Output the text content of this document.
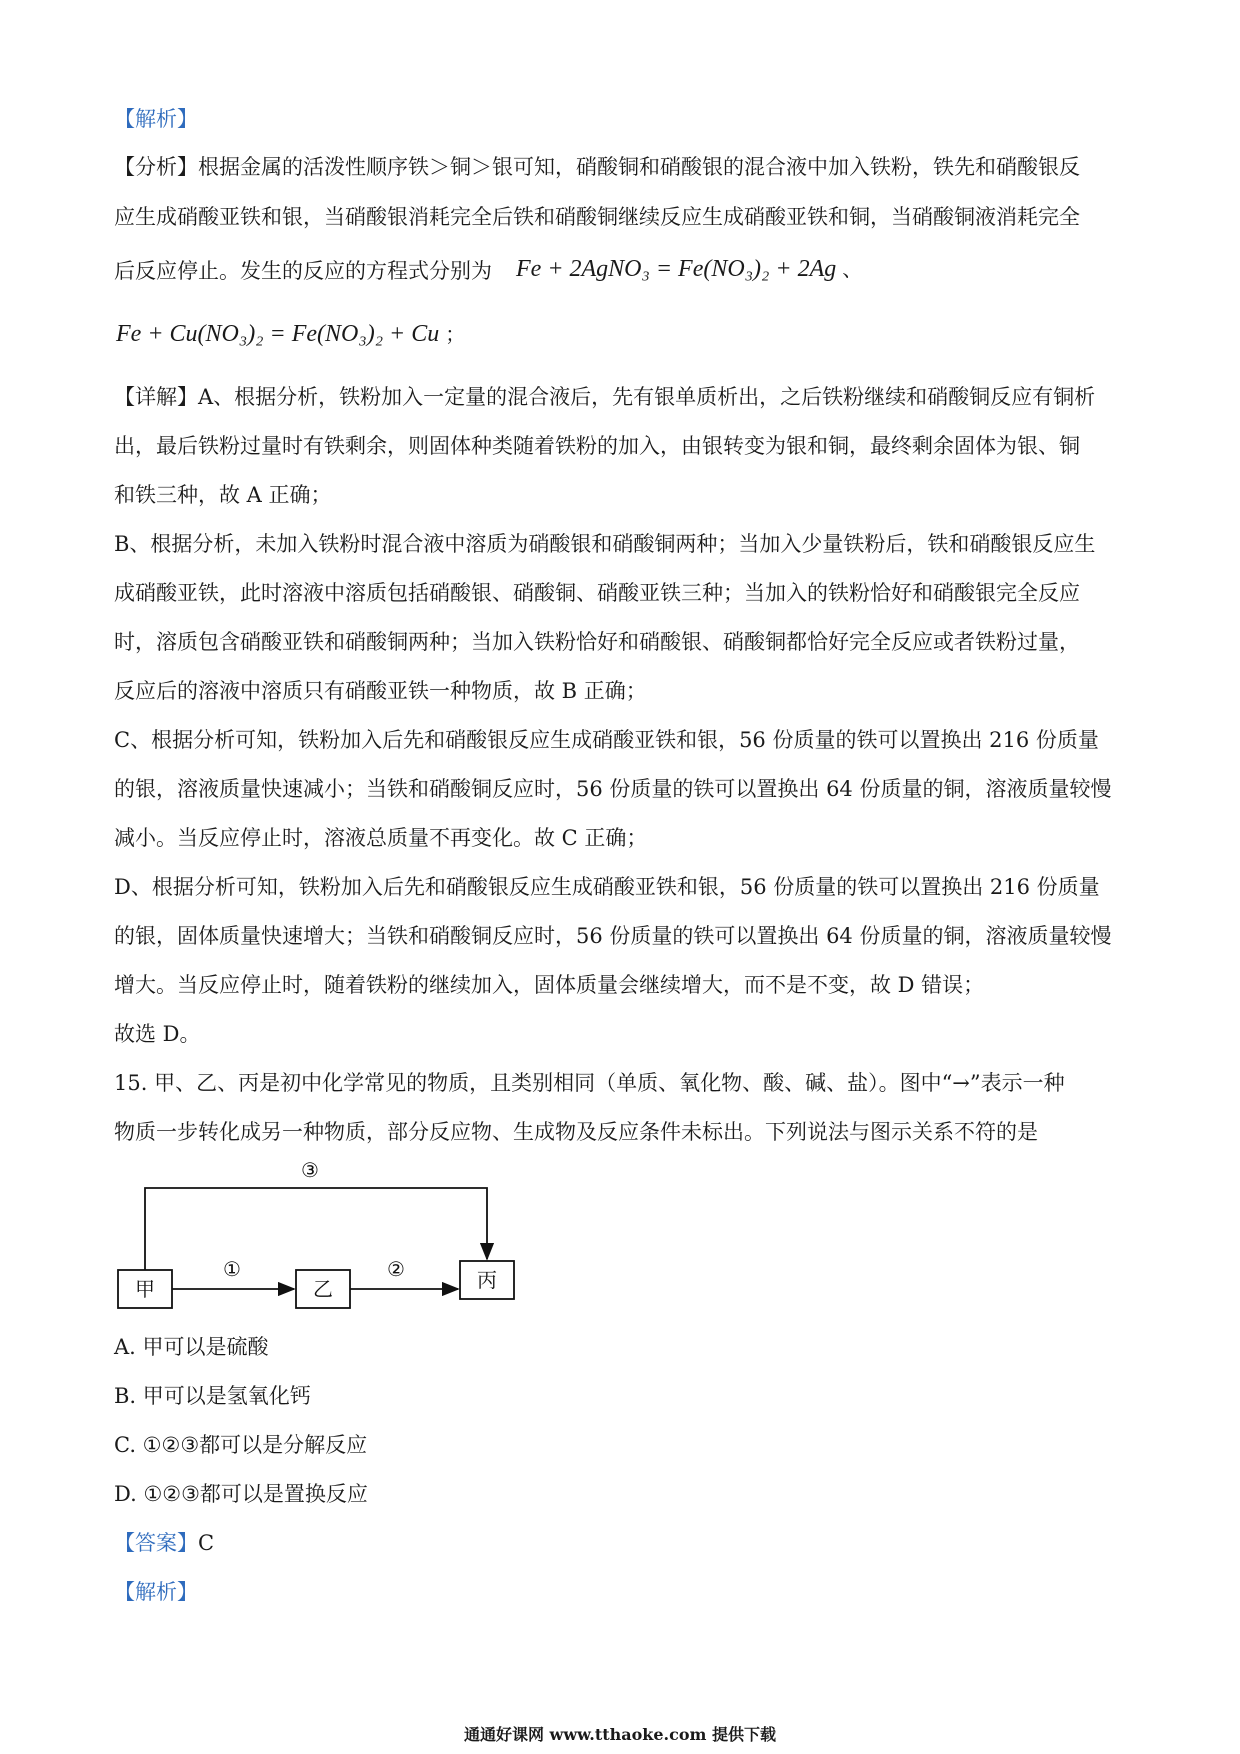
【解析】
【分析】根据金属的活泼性顺序铁＞铜＞银可知，硝酸铜和硝酸银的混合液中加入铁粉，铁先和硝酸银反
应生成硝酸亚铁和银，当硝酸银消耗完全后铁和硝酸铜继续反应生成硝酸亚铁和铜，当硝酸铜液消耗完全
后反应停止。发生的反应的方程式分别为 Fe + 2AgNO₃ = Fe(NO₃)₂ + 2Ag 、
Fe + Cu(NO₃)₂ = Fe(NO₃)₂ + Cu ；
【详解】A、根据分析，铁粉加入一定量的混合液后，先有银单质析出，之后铁粉继续和硝酸铜反应有铜析
出，最后铁粉过量时有铁剩余，则固体种类随着铁粉的加入，由银转变为银和铜，最终剩余固体为银、铜
和铁三种，故 A 正确；
B、根据分析，未加入铁粉时混合液中溶质为硝酸银和硝酸铜两种；当加入少量铁粉后，铁和硝酸银反应生
成硝酸亚铁，此时溶液中溶质包括硝酸银、硝酸铜、硝酸亚铁三种；当加入的铁粉恰好和硝酸银完全反应
时，溶质包含硝酸亚铁和硝酸铜两种；当加入铁粉恰好和硝酸银、硝酸铜都恰好完全反应或者铁粉过量，
反应后的溶液中溶质只有硝酸亚铁一种物质，故 B 正确；
C、根据分析可知，铁粉加入后先和硝酸银反应生成硝酸亚铁和银，56 份质量的铁可以置换出 216 份质量
的银，溶液质量快速减小；当铁和硝酸铜反应时，56 份质量的铁可以置换出 64 份质量的铜，溶液质量较慢
减小。当反应停止时，溶液总质量不再变化。故 C 正确；
D、根据分析可知，铁粉加入后先和硝酸银反应生成硝酸亚铁和银，56 份质量的铁可以置换出 216 份质量
的银，固体质量快速增大；当铁和硝酸铜反应时，56 份质量的铁可以置换出 64 份质量的铜，溶液质量较慢
增大。当反应停止时，随着铁粉的继续加入，固体质量会继续增大，而不是不变，故 D 错误；
故选 D。
15. 甲、乙、丙是初中化学常见的物质，且类别相同（单质、氧化物、酸、碱、盐）。图中“→”表示一种
物质一步转化成另一种物质，部分反应物、生成物及反应条件未标出。下列说法与图示关系不符的是
③
甲
①
乙
②	丙
A. 甲可以是硫酸
B. 甲可以是氢氧化钙
C. ①②③都可以是分解反应
D. ①②③都可以是置换反应
【答案】C
【解析】
通通好课网 www.tthaoke.com 提供下载
